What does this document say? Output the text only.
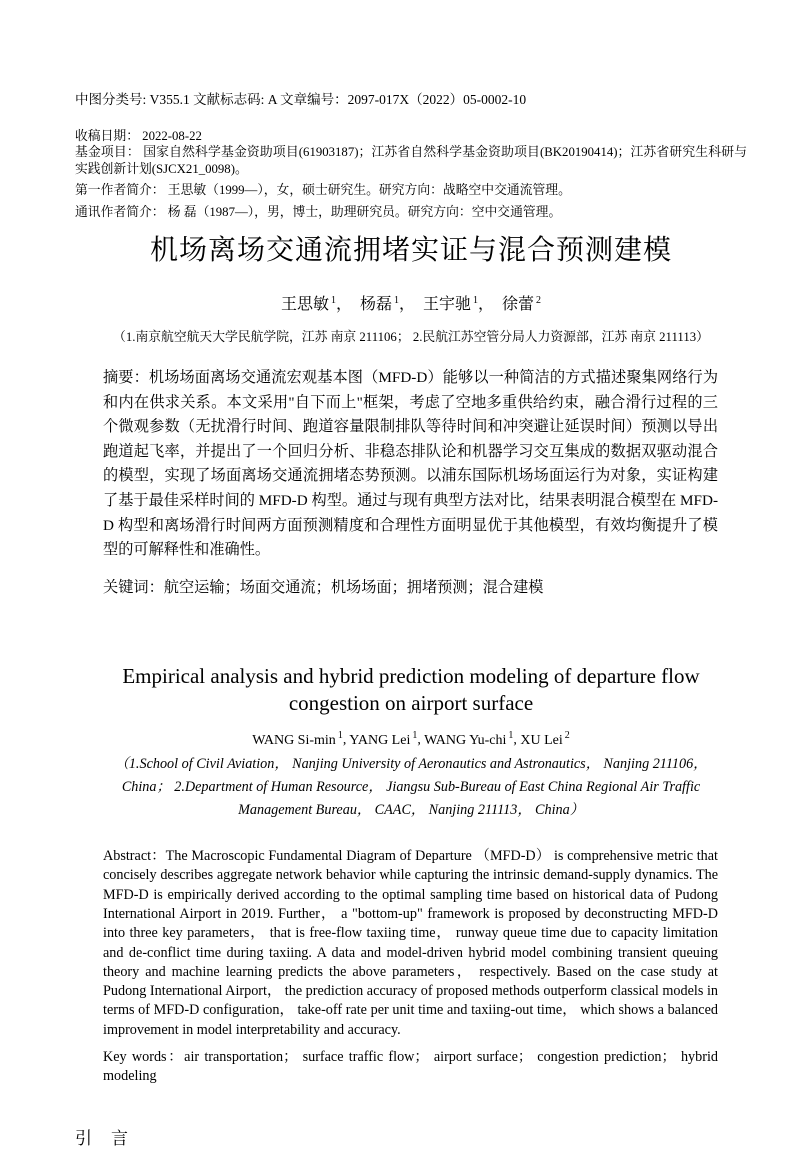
中图分类号: V355.1 文献标志码: A 文章编号：2097-017X（2022）05-0002-10

收稿日期： 2022-08-22

基金项目： 国家自然科学基金资助项目(61903187)；江苏省自然科学基金资助项目(BK20190414)；江苏省研究生科研与实践创新计划(SJCX21_0098)。

第一作者简介： 王思敏（1999—），女，硕士研究生。研究方向：战略空中交通流管理。

通讯作者简介： 杨 磊（1987—），男，博士，助理研究员。研究方向：空中交通管理。

机场离场交通流拥堵实证与混合预测建模

王思敏 $^1$， 杨磊 $^1$， 王宇驰 $^1$， 徐蕾 $^2$

（1.南京航空航天大学民航学院，江苏 南京 211106； 2.民航江苏空管分局人力资源部，江苏 南京 211113）

摘要：机场场面离场交通流宏观基本图（MFD-D）能够以一种简洁的方式描述聚集网络行为和内在供求关系。本文采用"自下而上"框架，考虑了空地多重供给约束，融合滑行过程的三个微观参数（无扰滑行时间、跑道容量限制排队等待时间和冲突避让延误时间）预测以导出跑道起飞率，并提出了一个回归分析、非稳态排队论和机器学习交互集成的数据双驱动混合的模型，实现了场面离场交通流拥堵态势预测。以浦东国际机场场面运行为对象，实证构建了基于最佳采样时间的 MFD-D 构型。通过与现有典型方法对比，结果表明混合模型在 MFD-D 构型和离场滑行时间两方面预测精度和合理性方面明显优于其他模型，有效均衡提升了模型的可解释性和准确性。

关键词：航空运输；场面交通流；机场场面；拥堵预测；混合建模

Empirical analysis and hybrid prediction modeling of departure flow congestion on airport surface

WANG Si-min $^1$, YANG Lei $^1$, WANG Yu-chi $^1$, XU Lei $^2$

（1.School of Civil Aviation， Nanjing University of Aeronautics and Astronautics， Nanjing 211106， China； 2.Department of Human Resource， Jiangsu Sub-Bureau of East China Regional Air Traffic Management Bureau， CAAC， Nanjing 211113， China）

Abstract：The Macroscopic Fundamental Diagram of Departure （MFD-D） is comprehensive metric that concisely describes aggregate network behavior while capturing the intrinsic demand-supply dynamics. The MFD-D is empirically derived according to the optimal sampling time based on historical data of Pudong International Airport in 2019. Further， a "bottom-up" framework is proposed by deconstructing MFD-D into three key parameters， that is free-flow taxiing time， runway queue time due to capacity limitation and de-conflict time during taxiing. A data and model-driven hybrid model combining transient queuing theory and machine learning predicts the above parameters， respectively. Based on the case study at Pudong International Airport， the prediction accuracy of proposed methods outperform classical models in terms of MFD-D configuration， take-off rate per unit time and taxiing-out time， which shows a balanced improvement in model interpretability and accuracy.

Key words：air transportation； surface traffic flow； airport surface； congestion prediction； hybrid modeling

引　言
